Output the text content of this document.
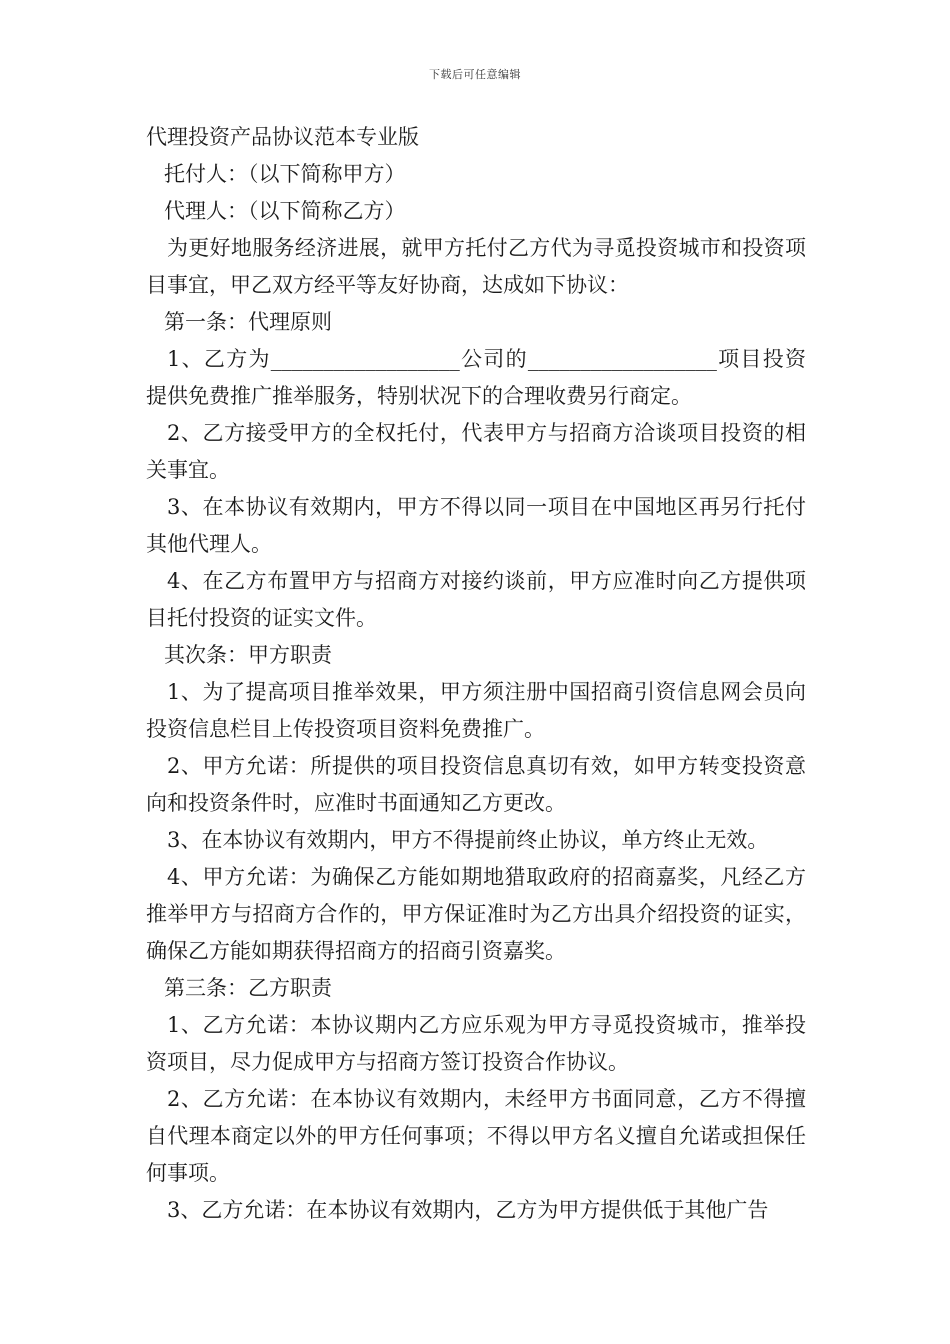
下载后可任意编辑

代理投资产品协议范本专业版

托付人：（以下简称甲方）

代理人：（以下简称乙方）

为更好地服务经济进展，就甲方托付乙方代为寻觅投资城市和投资项目事宜，甲乙双方经平等友好协商，达成如下协议：

第一条：代理原则

1、乙方为__________________公司的__________________项目投资提供免费推广推举服务，特别状况下的合理收费另行商定。

2、乙方接受甲方的全权托付，代表甲方与招商方洽谈项目投资的相关事宜。

3、在本协议有效期内，甲方不得以同一项目在中国地区再另行托付其他代理人。

4、在乙方布置甲方与招商方对接约谈前，甲方应准时向乙方提供项目托付投资的证实文件。

其次条：甲方职责

1、为了提高项目推举效果，甲方须注册中国招商引资信息网会员向投资信息栏目上传投资项目资料免费推广。

2、甲方允诺：所提供的项目投资信息真切有效，如甲方转变投资意向和投资条件时，应准时书面通知乙方更改。

3、在本协议有效期内，甲方不得提前终止协议，单方终止无效。

4、甲方允诺：为确保乙方能如期地猎取政府的招商嘉奖，凡经乙方推举甲方与招商方合作的，甲方保证准时为乙方出具介绍投资的证实，确保乙方能如期获得招商方的招商引资嘉奖。

第三条：乙方职责

1、乙方允诺：本协议期内乙方应乐观为甲方寻觅投资城市，推举投资项目，尽力促成甲方与招商方签订投资合作协议。

2、乙方允诺：在本协议有效期内，未经甲方书面同意，乙方不得擅自代理本商定以外的甲方任何事项；不得以甲方名义擅自允诺或担保任何事项。

3、乙方允诺：在本协议有效期内，乙方为甲方提供低于其他广告
